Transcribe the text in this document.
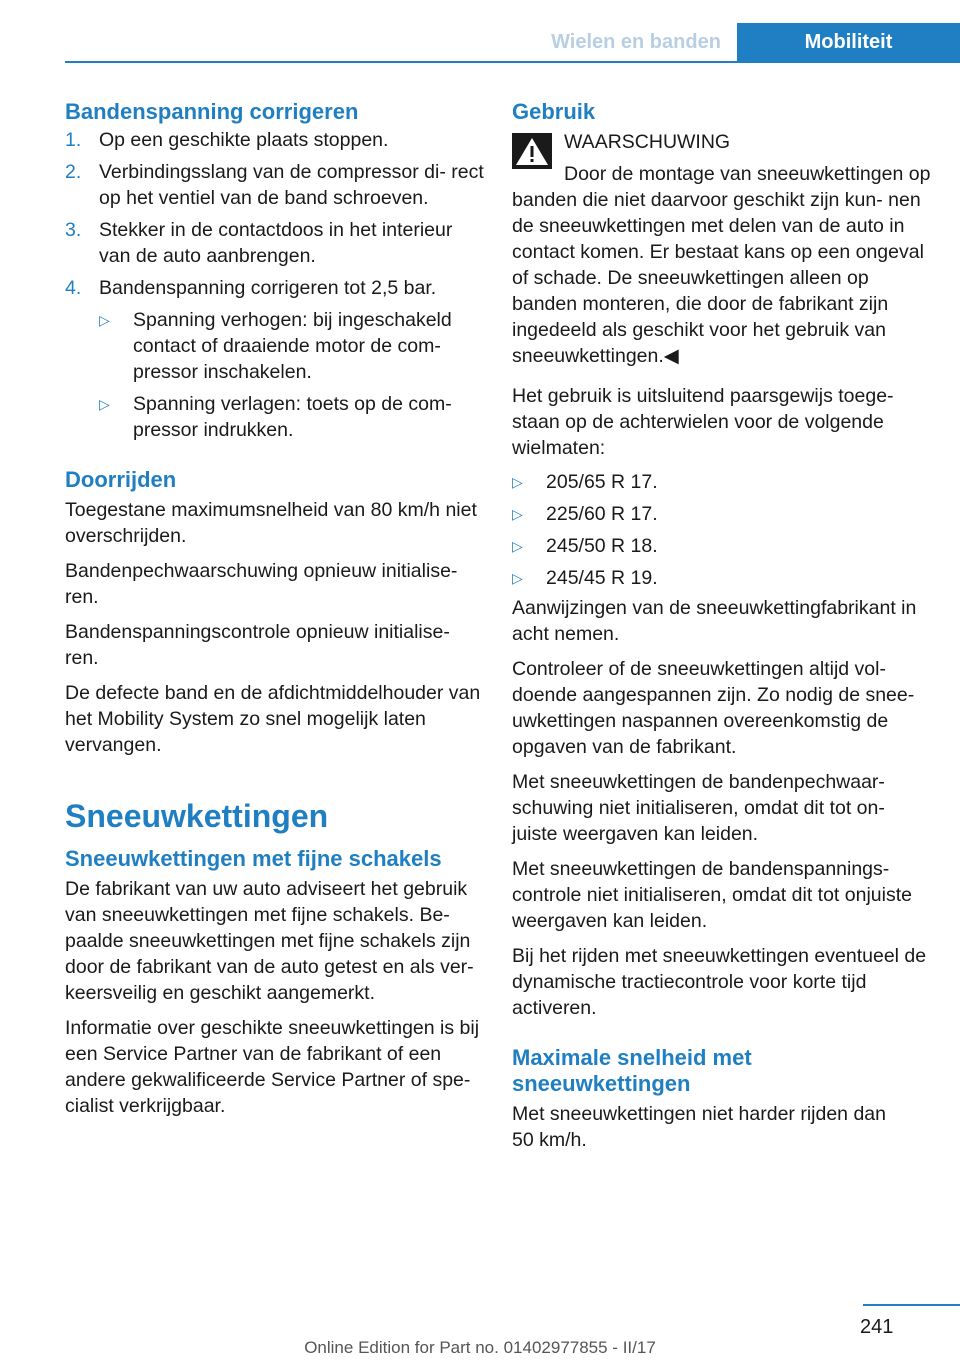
Wielen en banden	Mobiliteit
Bandenspanning corrigeren
1. Op een geschikte plaats stoppen.
2. Verbindingsslang van de compressor di‐ rect op het ventiel van de band schroeven.
3. Stekker in de contactdoos in het interieur van de auto aanbrengen.
4. Bandenspanning corrigeren tot 2,5 bar.
▷	Spanning verhogen: bij ingeschakeld contact of draaiende motor de com‐ pressor inschakelen.
▷	Spanning verlagen: toets op de com‐ pressor indrukken.
Doorrijden

Toegestane maximumsnelheid van 80 km/h niet overschrijden.

Bandenpechwaarschuwing opnieuw initialise‐ ren.

Bandenspanningscontrole opnieuw initialise‐ ren.

De defecte band en de afdichtmiddelhouder van het Mobility System zo snel mogelijk laten vervangen.

Sneeuwkettingen
Sneeuwkettingen met fijne schakels

De fabrikant van uw auto adviseert het gebruik van sneeuwkettingen met fijne schakels. Be‐ paalde sneeuwkettingen met fijne schakels zijn door de fabrikant van de auto getest en als ver‐ keersveilig en geschikt aangemerkt.

Informatie over geschikte sneeuwkettingen is bij een Service Partner van de fabrikant of een andere gekwalificeerde Service Partner of spe‐ cialist verkrijgbaar.

Gebruik

WAARSCHUWING

Door de montage van sneeuwkettingen op banden die niet daarvoor geschikt zijn kun‐ nen de sneeuwkettingen met delen van de auto in contact komen. Er bestaat kans op een ongeval of schade. De sneeuwkettingen alleen op banden monteren, die door de fabrikant zijn ingedeeld als geschikt voor het gebruik van sneeuwkettingen.◀

Het gebruik is uitsluitend paarsgewijs toege‐ staan op de achterwielen voor de volgende wielmaten:

▷	205/65 R 17.
▷	225/60 R 17.
▷	245/50 R 18.
▷	245/45 R 19.

Aanwijzingen van de sneeuwkettingfabrikant in acht nemen.

Controleer of de sneeuwkettingen altijd vol‐ doende aangespannen zijn. Zo nodig de snee‐ uwkettingen naspannen overeenkomstig de opgaven van de fabrikant.

Met sneeuwkettingen de bandenpechwaar‐ schuwing niet initialiseren, omdat dit tot on‐ juiste weergaven kan leiden.

Met sneeuwkettingen de bandenspannings‐ controle niet initialiseren, omdat dit tot onjuiste weergaven kan leiden.

Bij het rijden met sneeuwkettingen eventueel de dynamische tractiecontrole voor korte tijd activeren.

Maximale snelheid met sneeuwkettingen

Met sneeuwkettingen niet harder rijden dan 50 km/h.

241
Online Edition for Part no. 01402977855 - II/17
